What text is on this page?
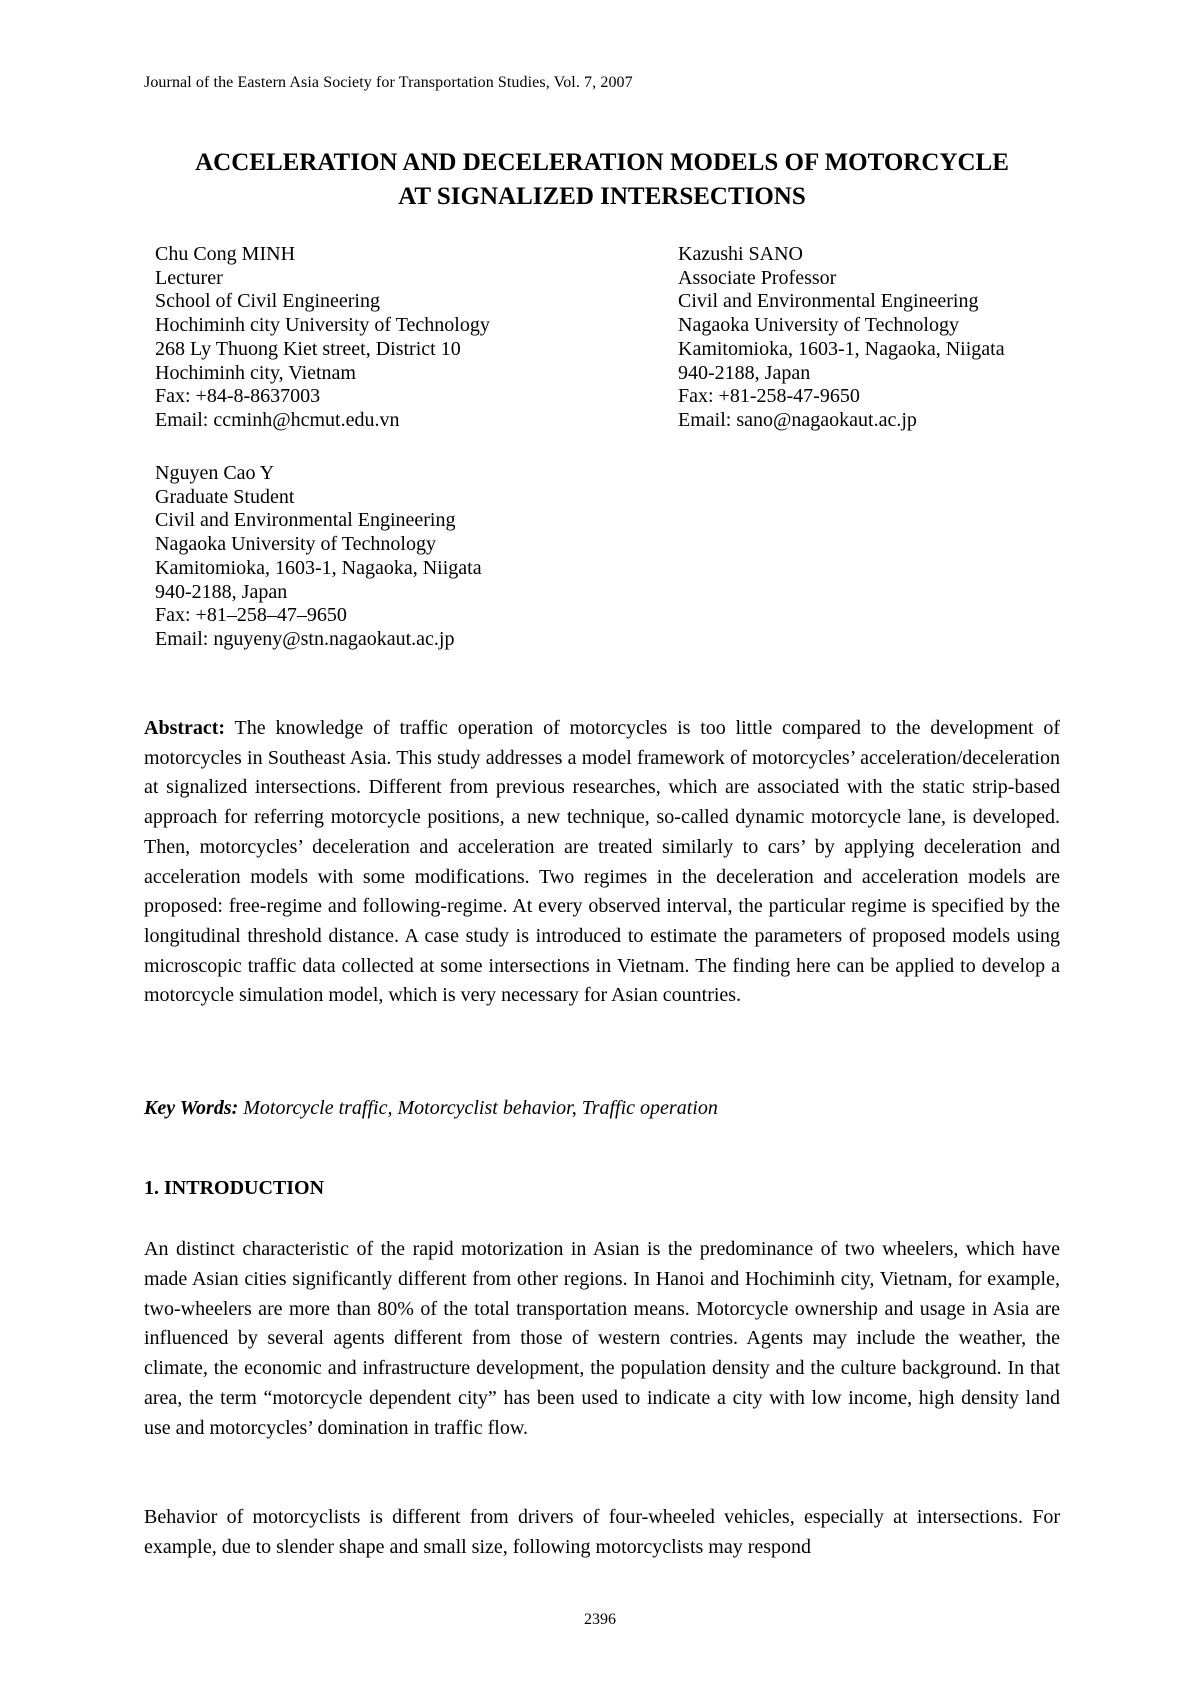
Journal of the Eastern Asia Society for Transportation Studies, Vol. 7, 2007
ACCELERATION AND DECELERATION MODELS OF MOTORCYCLE
AT SIGNALIZED INTERSECTIONS
Chu Cong MINH
Lecturer
School of Civil Engineering
Hochiminh city University of Technology
268 Ly Thuong Kiet street, District 10
Hochiminh city, Vietnam
Fax: +84-8-8637003
Email: ccminh@hcmut.edu.vn
Kazushi SANO
Associate Professor
Civil and Environmental Engineering
Nagaoka University of Technology
Kamitomioka, 1603-1, Nagaoka, Niigata
940-2188, Japan
Fax: +81-258-47-9650
Email: sano@nagaokaut.ac.jp
Nguyen Cao Y
Graduate Student
Civil and Environmental Engineering
Nagaoka University of Technology
Kamitomioka, 1603-1, Nagaoka, Niigata
940-2188, Japan
Fax: +81–258–47–9650
Email: nguyeny@stn.nagaokaut.ac.jp
Abstract: The knowledge of traffic operation of motorcycles is too little compared to the development of motorcycles in Southeast Asia. This study addresses a model framework of motorcycles’ acceleration/deceleration at signalized intersections. Different from previous researches, which are associated with the static strip-based approach for referring motorcycle positions, a new technique, so-called dynamic motorcycle lane, is developed. Then, motorcycles’ deceleration and acceleration are treated similarly to cars’ by applying deceleration and acceleration models with some modifications. Two regimes in the deceleration and acceleration models are proposed: free-regime and following-regime. At every observed interval, the particular regime is specified by the longitudinal threshold distance. A case study is introduced to estimate the parameters of proposed models using microscopic traffic data collected at some intersections in Vietnam. The finding here can be applied to develop a motorcycle simulation model, which is very necessary for Asian countries.
Key Words: Motorcycle traffic, Motorcyclist behavior, Traffic operation
1. INTRODUCTION
An distinct characteristic of the rapid motorization in Asian is the predominance of two wheelers, which have made Asian cities significantly different from other regions. In Hanoi and Hochiminh city, Vietnam, for example, two-wheelers are more than 80% of the total transportation means. Motorcycle ownership and usage in Asia are influenced by several agents different from those of western contries. Agents may include the weather, the climate, the economic and infrastructure development, the population density and the culture background. In that area, the term “motorcycle dependent city” has been used to indicate a city with low income, high density land use and motorcycles’ domination in traffic flow.
Behavior of motorcyclists is different from drivers of four-wheeled vehicles, especially at intersections. For example, due to slender shape and small size, following motorcyclists may respond
2396
